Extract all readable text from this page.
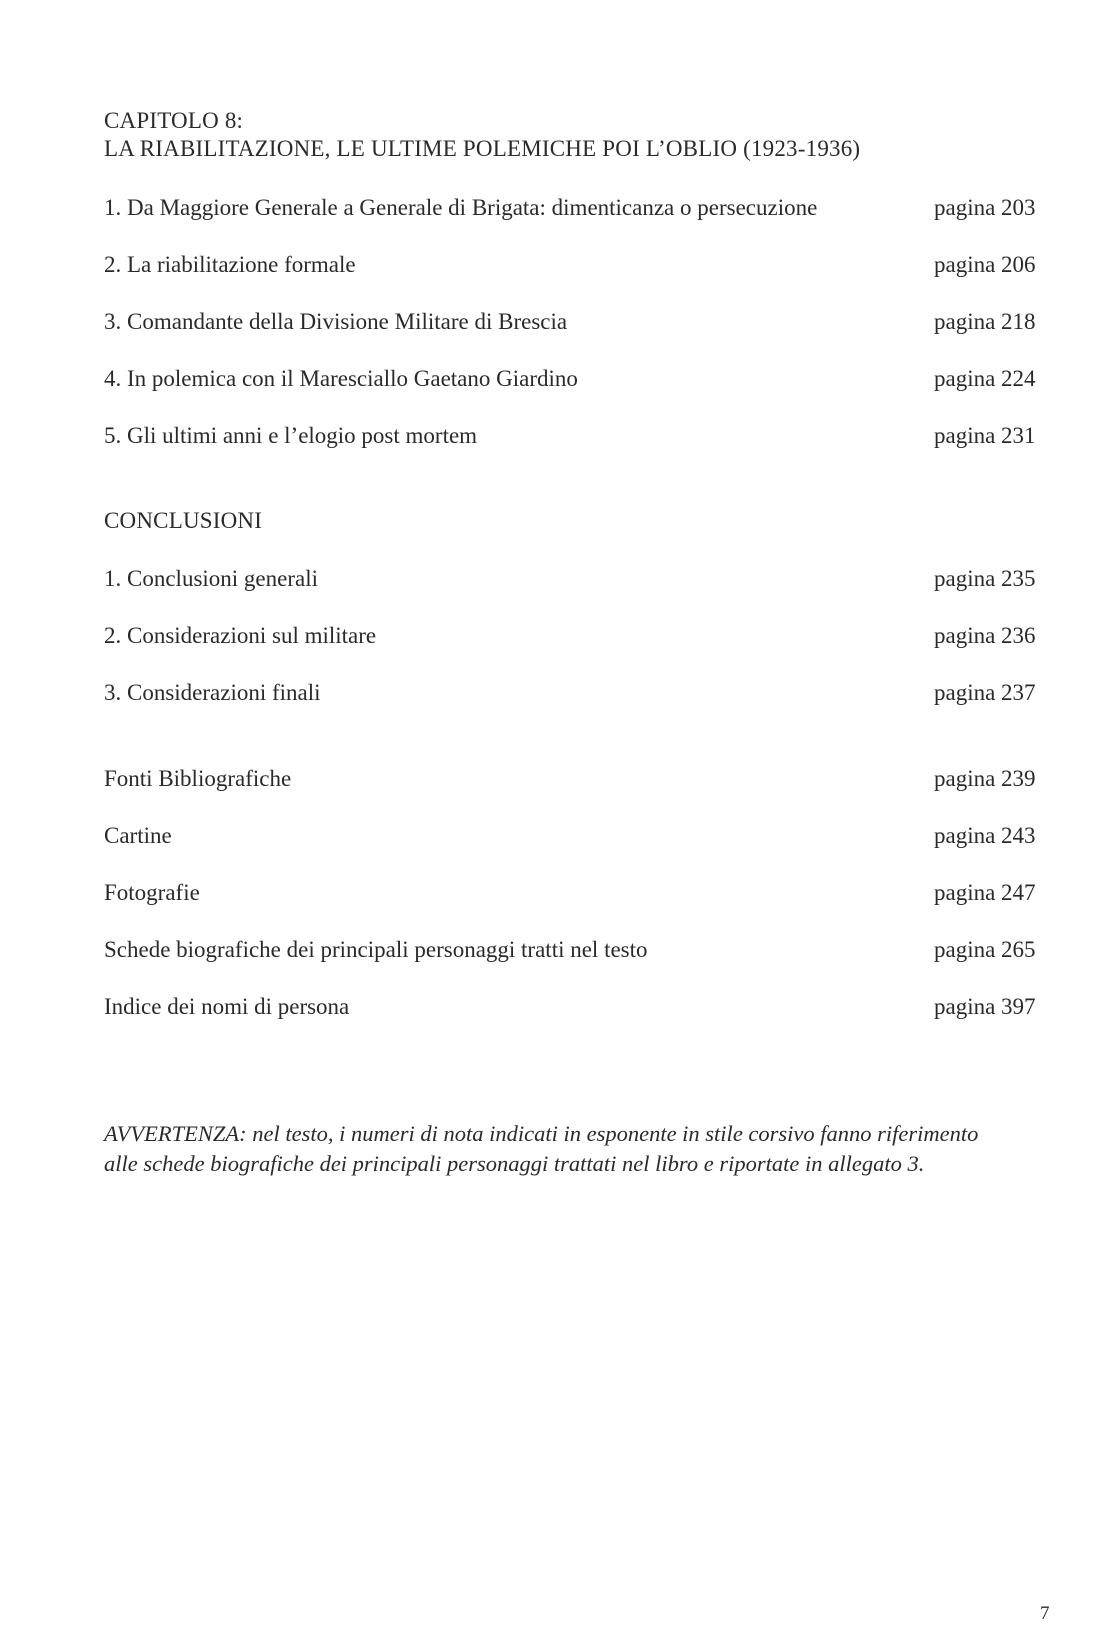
CAPITOLO 8:
LA RIABILITAZIONE, LE ULTIME POLEMICHE POI L’OBLIO (1923-1936)
1. Da Maggiore Generale a Generale di Brigata: dimenticanza o persecuzione	pagina 203
2. La riabilitazione formale	pagina 206
3. Comandante della Divisione Militare di Brescia	pagina 218
4. In polemica con il Maresciallo Gaetano Giardino	pagina 224
5. Gli ultimi anni e l’elogio post mortem	pagina 231
CONCLUSIONI
1. Conclusioni generali	pagina 235
2. Considerazioni sul militare	pagina 236
3. Considerazioni finali	pagina 237
Fonti Bibliografiche	pagina 239
Cartine	pagina 243
Fotografie	pagina 247
Schede biografiche dei principali personaggi tratti nel testo	pagina 265
Indice dei nomi di persona	pagina 397

AVVERTENZA: nel testo, i numeri di nota indicati in esponente in stile corsivo fanno riferimento

alle schede biografiche dei principali personaggi trattati nel libro e riportate in allegato 3.

7
